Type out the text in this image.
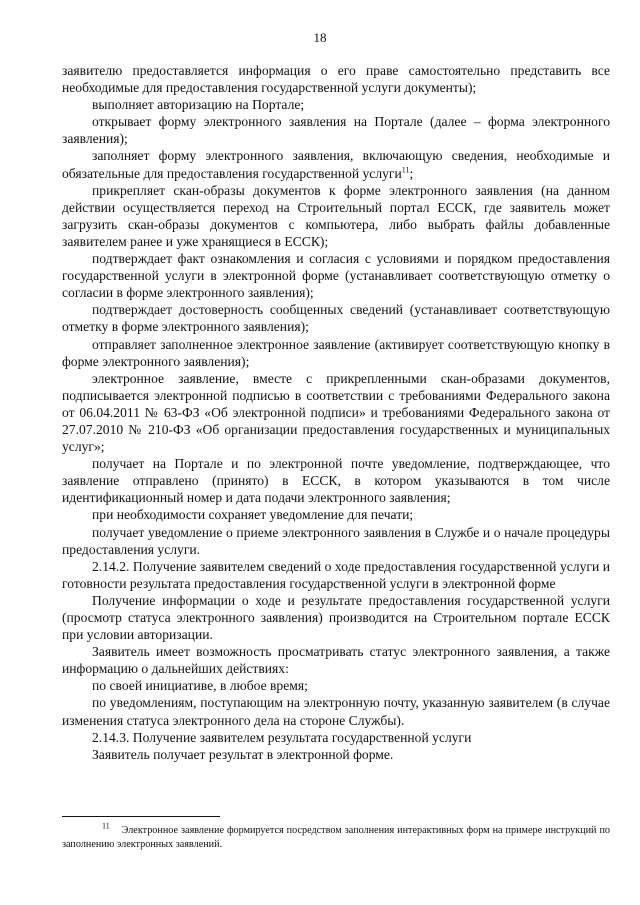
18

заявителю предоставляется информация о его праве самостоятельно представить все необходимые для предоставления государственной услуги документы);

выполняет авторизацию на Портале;

открывает форму электронного заявления на Портале (далее – форма электронного заявления);

заполняет форму электронного заявления, включающую сведения, необходимые и обязательные для предоставления государственной услуги$^{11}$;

прикрепляет скан-образы документов к форме электронного заявления (на данном действии осуществляется переход на Строительный портал ЕССК, где заявитель может загрузить скан-образы документов с компьютера, либо выбрать файлы добавленные заявителем ранее и уже хранящиеся в ЕССК);

подтверждает факт ознакомления и согласия с условиями и порядком предоставления государственной услуги в электронной форме (устанавливает соответствующую отметку о согласии в форме электронного заявления);

подтверждает достоверность сообщенных сведений (устанавливает соответствующую отметку в форме электронного заявления);

отправляет заполненное электронное заявление (активирует соответствующую кнопку в форме электронного заявления);

электронное заявление, вместе с прикрепленными скан-образами документов, подписывается электронной подписью в соответствии с требованиями Федерального закона от 06.04.2011 № 63-ФЗ «Об электронной подписи» и требованиями Федерального закона от 27.07.2010 № 210-ФЗ «Об организации предоставления государственных и муниципальных услуг»;

получает на Портале и по электронной почте уведомление, подтверждающее, что заявление отправлено (принято) в ЕССК, в котором указываются в том числе идентификационный номер и дата подачи электронного заявления;

при необходимости сохраняет уведомление для печати;

получает уведомление о приеме электронного заявления в Службе и о начале процедуры предоставления услуги.

2.14.2. Получение заявителем сведений о ходе предоставления государственной услуги и готовности результата предоставления государственной услуги в электронной форме

Получение информации о ходе и результате предоставления государственной услуги (просмотр статуса электронного заявления) производится на Строительном портале ЕССК при условии авторизации.

Заявитель имеет возможность просматривать статус электронного заявления, а также информацию о дальнейших действиях:

по своей инициативе, в любое время;

по уведомлениям, поступающим на электронную почту, указанную заявителем (в случае изменения статуса электронного дела на стороне Службы).

2.14.3. Получение заявителем результата государственной услуги

Заявитель получает результат в электронной форме.

$^{11}$ Электронное заявление формируется посредством заполнения интерактивных форм на примере инструкций по заполнению электронных заявлений.
